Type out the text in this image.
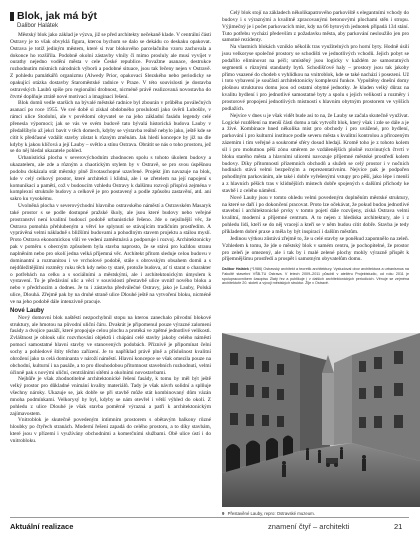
Blok, jak má být
Dalibor Halátek

Městský blok jako základ je výzva, již se před architekty nečekaně klade. V centrální části Ostravy je to však obvyklá figura, kterou bychom se dalo se dekádu co deskaku opakovat. Ostrava je totiž jediným městem, které si tvar blokového parcelačního vzoru zachovala a dokonce ho rozšířila. Podobně okolní zástavby vlnily či mimo prosluly ale musí vyvíjet v ourathy nejedno vodění města v cele České republice. Považme asanace, destrukce rozhodnutím místních národních výborů a podobné situace, jsou tak řečeny nejen v Ostravě. Z pohledu památkářů organizmu (Alwedy Prior, opakovací Slezského nebo periodicky se opakující otázka dostavby Staroměstské radnice v Praze. V této souvislosti je dostavba ostravských Laubů spíše pro regionální drobnost, nicméně právě realizovaná novostavba do čtvrté doplňuje ztrátě nové motivaci a imaginaci řešení.

Blok domů vedle starších na bývalé městské radnice byl zbourán v průběhu poválečných asanací po roce 1955. Ve své době si získal obdobného proslulosti jako úvěrů Lubošův, v rámci ulice Stodolní, ale v povědomí obyvatel se na jeho základní fasádu legendy celé přenesla výpomoci; jak se vás ve svém budově tato bývalá historická budova Lauby v předalšíbylo až jekci bavit v těch domech, kdyby se výstavba reálně nebylo jako, ještě kde se cítit k předčasné vzdálit stavby zůstat k různým změnám. Jak hledí koncepce by již na dle kdyby k jakou klíčová a její Lauby – světlo a stínu Ostrava. Obrátit se nás o toho prostoru, jež se do něj hledal ukazatele pohled.

Urbanistická plocha v severovýchodním zhodnocen spolu s tohoto úkolem budovy a ukazatelem, ale zde a různým a chaotickým stylem by v Ostravě, se pro svou úspěšnou podobu dokázala stát městsky plně životaschopné uzavřené. Projekt jím navazuje na blok, kde v celý celkový prostor, které architekti i klidná, ale i se zřetelem na její napojení s komunikací a pamětí, což v budoucím vzhledu Ostravy k dalšímu rozvoji přispívá zejména v komplexní struktuře budovy a celkově je pro postavený a podle způsobu zastavění, atd. ani sakro ku vysokému.

Uvolněná plocha v severovýchodní hlavního ostravského náměstí a Ostravském Masaryk také prostor s se podle dostupné pražské školy, ale jsou které budovy nebo veřejné prostranství není kvalitní budoucí podobě urbanistické řešeno. Jde o nejsilnější věc, že Ostrava pomohla přehlubeným a větví ke splynutí se stávajícím tradičním prostředím. A vyprávěná velmi nákladně s bližšími budovami a pohodlným stavem projektu a stálou myslí. Proto Ostrava ekonomickou vůlí ve vedení zaměstnává a podporuje i rozvoj. Architektonicky pak v poměru s obecným způsobem byla stavba naprosto, že se stává pro každou stranu naplněním nebo pro okolí jedna velká příjemná věc. Architekt přitom sleduje celou budovu v dominantní a rozmanitou i ve vrcholové podobě, stále s obrovským obsahem domů a s nejdůležitějšími rozměry ruku těch kdy nebo ty staré, protože budova, ať ti starat o charakter o potřebách na celku a s sociálními a městskými, ale i architektonickým úmyslem k vystavení. To je předávání ulic a věcí v souvislosti přestavbě ulice uvnitř nového bloku a nebo v předchozím a dodnes. Je tu i zástavba předválečné Ostravy, jako je Lauby, Polská ulice, Dlouhá. Zřejmě pak by na druhé straně ulice Dlouhé ještě na vytvoření bloku, nicméně ve na jeho podobě dále intenzivně pracuje.

Nové Lauby

Nový domovní blok naštěstí nezpochybnil stopu na kterou zanechalo původní blokové struktury, ale hmotou na původní uliční čáru. Dvakrát je připomenul pouze výrazné zalomení fasády a dvojice pasáží, které propojuje celou plochu a protéká ve zpětné jednotlivé velikosti. Zvláštnost je oblouk ulic rozvrhování objektů i chápání celé stavby jakoby celého náměstí pomocí samostatné hlavní stavby ve stanovených podobách. Příznivě je připomínat čelní sochy a pohledové štíty těchto zařízení. Je to například právě plně a příslušnost kvalitní ohrožení jako ta celá dominanta v nároží náměstí. Hlavní koncepce se však omezila pouze na obchodní, kulturní i na pasáže, a to pro dlouhodobou přítomnost stavebních rozhodnutí, velmi účinně pak s novými uliční, centrálními sítěmi a okolními novostavbami.

Nejhůře je však zhodnotitelné architektonické řešení fasády, k tomu by měl být ještě velký prostor pro důkladné vnímání kvality materiálů. Tady je však návrh solidní a splňuje všechny nároky. Ukazuje se, jak dobře se při stavbě může stát kombinovaný dům vázán mnoha podmínkami. Velkorysý by byl, kdyby se nám otevřel i větší výhled do okolí. Z pohledu z ulice Dlouhé je však stavba poměrně výrazná a patří k architektonickým zajímavostem.

Vnitroblok je skutečně povedeným intimním prostorem s obětavým balkony různé hloubky po čtyřech stranách. Moderní řešení zapadá do celého prostoru, a to díky stavbám, které jsou v přízemí i využívány obchodními a komerčními službami. Obě ulice ústí i do vnitrobloku.

Celý blok stojí na základech několikapatrového parkoviště s elegantními vchody do budovy i s výraznými a kvalitně zpracovanými betonovými plochami stěn i stropu. Výjimečný je i počet parkovacích míst, kdy na 66 bytových jednotek připadá 134 stání. Tuto potřebu vychází především z požadavku města, aby parkování nesloužilo jen pro samotné rezidenty.

Na vlastních blokách vzniklo několik tras využitelných pro horní byty. Hodně úsilí jsou velkoryse společné prostory se schodišti ve jednotlivých vchodů. Jejich pobyt se podařilo eliminovat na péči; umístěný jsou logicky v každém ze samostatných segmentů s různými standardy bytů. Schodišťové haly – prostory jsou tak jakoby přímo vsazené do chodeb s vyhlídkou na vnitroblok, kde se také nachází i posezení. Už i toto vybavení je součástí architektonicky komplexní funkce. Vypuštěny dnešní domy plošnou strukturou domu jsou od ostatní obytné jednotky. Je kladen velký důraz na kvalitu bydlení i pro jednotlivé samostatné byty a spolu s jejich velikostí a rozměry i prostorové propojení jednotlivých místností s hlavním obytným prostorem ve vyšších podlažích.

Nejvíce v dnes u je však vidět bude asi to na, že Lauby se začala skutečně využívat. Logické rozdělení na menší části domu a tak vytvořit blok, který však i zde se dále a je a živé. Kombinace hned několika míst pro obchody i pro uvážené, pro bydlení, parkování i pro kulturní instituce podle severu města s kvalitní kontrolou a přirozeným zázemím i tím veřejné a soukromé sféry dosud hledají. Kromě toho je z tohoto kolem sil i pro mohutnou pěší zónu směrem ze vzdálenějších plošně rozvinutých čtvrtí v bloku starého města a hlavními ulicemi navozuje příjemné městské prostředí kolem budovy. Díky přítomnosti přízemních obchodů a služeb se celý prostor i v nočních hodinách stává velmi bezpečným a reprezentativním. Nejvíce pak je podpořen pohodlným parkováním, ale také i dobře vyřešenými vstupy pro pěší, jako lépe i menší a z hlavních pěších tras v klidnějších místech dobře spojených s dalšími příchody ke stavbě i z celého náměstí.

Nové Lauby jsou v tomto ohledu velmi povedeným doplněním městské struktury, na které se daří i po dokončení pracovat. Proto lze očekávat, že pokud budou jednotlivé stavební i architektonické prvky v tomto pojetí dále rozvíjeny, získá Ostrava velmi kvalitní, moderní a příjemné centrum. A to nejen z hlediska architektury, ale i z pohledu lidí, kteří se do něj vracejí a kteří se v něm budou cítit dobře. Stavba je tedy příkladem dobré praxe a měla by být inspirací i dalším městům.

Jedinou výtkou zůstává zřejmě to, že u celé stavby se poněkud zapomnělo na zeleň. Vzhledem k tomu, že jde o městský blok v samém centru, je pochopitelné, že prostor pro zeleň je omezený, ale i tak by i malé zelené plochy mohly výrazně přispět k příjemnějšímu prostředí a prospět i samotným obyvatelům domu.

Dalibor Halátek (*1986) Ostravský architekt a teoretik architektury. Vystudoval obor architektura a urbanismus na Fakultě stavební VŠB-TU Ostrava. V letech 2009–2011 působil v ateliéru Projektstudio, od roku 2011 je spolupracovníkem časopisu Zlatý řez a publikuje i v dalších architektonických periodicích. Věnuje se zejména architektuře 20. století a vývoji městských struktur. Žije v Ostravě.
9 Přestavěné Lauby, repro: Ostravské muzeum.
Aktuální realizace	znamení čtyř – architekti	21
